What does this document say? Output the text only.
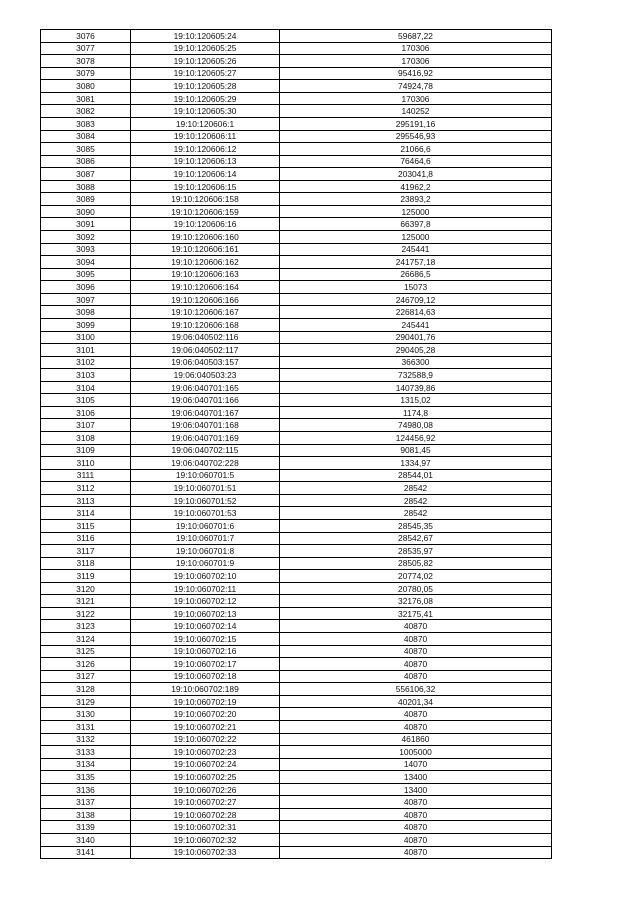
3076	19:10:120605:24	59687,22
3077	19:10:120605:25	170306
3078	19:10:120605:26	170306
3079	19:10:120605:27	95416,92
3080	19:10:120605:28	74924,78
3081	19:10:120605:29	170306
3082	19:10:120605:30	140252
3083	19:10:120606:1	295191,16
3084	19:10:120606:11	295546,93
3085	19:10:120606:12	21066,6
3086	19:10:120606:13	76464,6
3087	19:10:120606:14	203041,8
3088	19:10:120606:15	41962,2
3089	19:10:120606:158	23893,2
3090	19:10:120606:159	125000
3091	19:10:120606:16	66397,8
3092	19:10:120606:160	125000
3093	19:10:120606:161	245441
3094	19:10:120606:162	241757,18
3095	19:10:120606:163	26686,5
3096	19:10:120606:164	15073
3097	19:10:120606:166	246709,12
3098	19:10:120606:167	226814,63
3099	19:10:120606:168	245441
3100	19:06:040502:116	290401,76
3101	19:06:040502:117	290405,28
3102	19:06:040503:157	366300
3103	19:06:040503:23	732588,9
3104	19:06:040701:165	140739,86
3105	19:06:040701:166	1315,02
3106	19:06:040701:167	1174,8
3107	19:06:040701:168	74980,08
3108	19:06:040701:169	124456,92
3109	19:06:040702:115	9081,45
3110	19:06:040702:228	1334,97
3111	19:10:060701:5	28544,01
3112	19:10:060701:51	28542
3113	19:10:060701:52	28542
3114	19:10:060701:53	28542
3115	19:10:060701:6	28545,35
3116	19:10:060701:7	28542,67
3117	19:10:060701:8	28535,97
3118	19:10:060701:9	28505,82
3119	19:10:060702:10	20774,02
3120	19:10:060702:11	20780,05
3121	19:10:060702:12	32176,08
3122	19:10:060702:13	32175,41
3123	19:10:060702:14	40870
3124	19:10:060702:15	40870
3125	19:10:060702:16	40870
3126	19:10:060702:17	40870
3127	19:10:060702:18	40870
3128	19:10:060702:189	556106,32
3129	19:10:060702:19	40201,34
3130	19:10:060702:20	40870
3131	19:10:060702:21	40870
3132	19:10:060702:22	461860
3133	19:10:060702:23	1005000
3134	19:10:060702:24	14070
3135	19:10:060702:25	13400
3136	19:10:060702:26	13400
3137	19:10:060702:27	40870
3138	19:10:060702:28	40870
3139	19:10:060702:31	40870
3140	19:10:060702:32	40870
3141	19:10:060702:33	40870
